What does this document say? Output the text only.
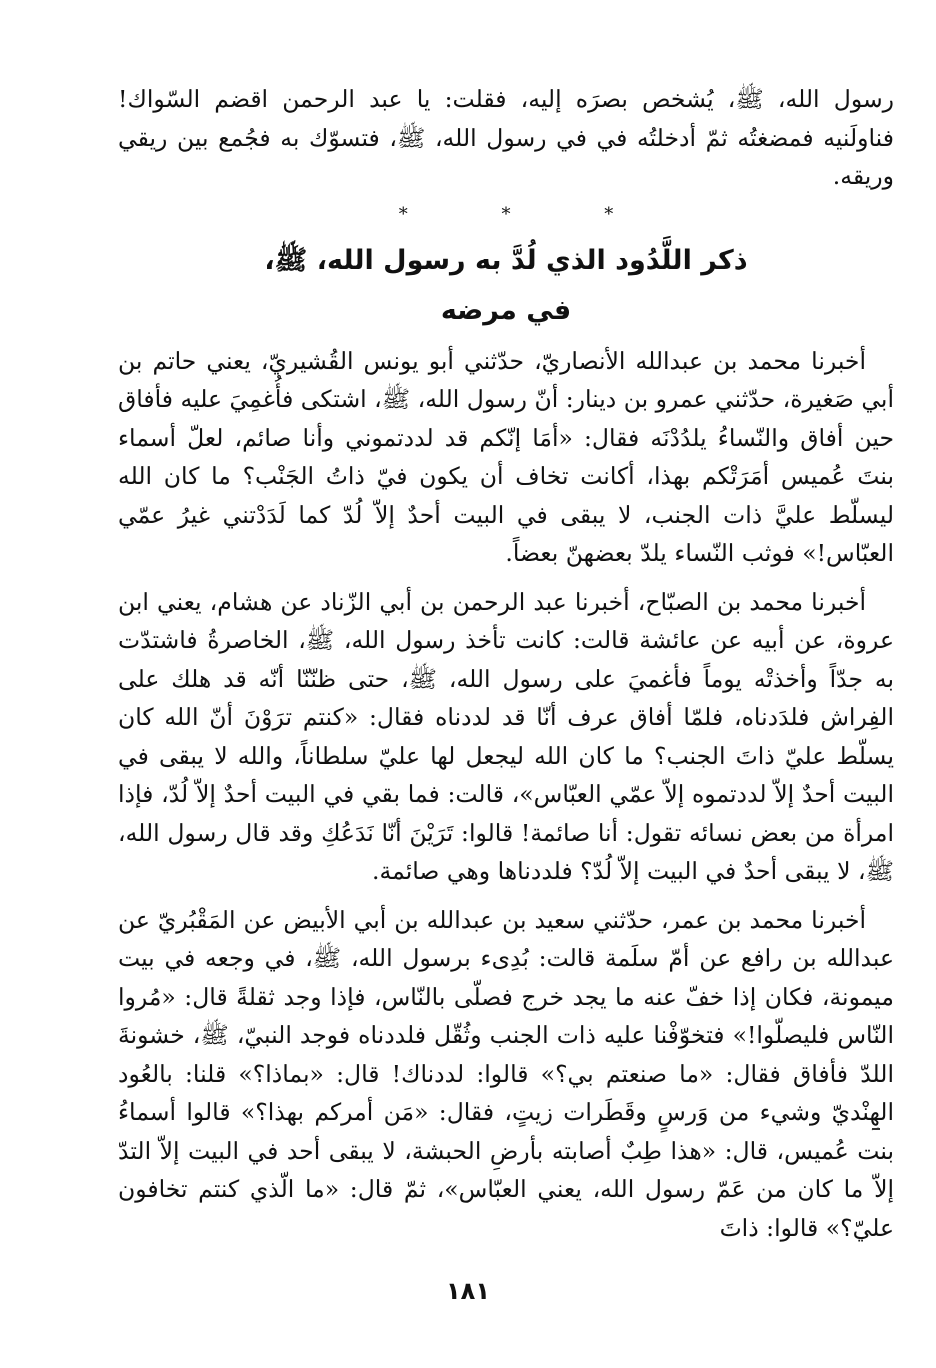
رسول الله، ﷺ، يُشخص بصرَه إليه، فقلت: يا عبد الرحمن اقضم السّواك! فناولَنيه فمضغتُه ثمّ أدخلتُه في في رسول الله، ﷺ، فتسوّك به فجُمع بين ريقي وريقه.

* * *
ذكر اللَّدُود الذي لُدَّ به رسول الله، ﷺ،
في مرضه

أخبرنا محمد بن عبدالله الأنصاريّ، حدّثني أبو يونس القُشيريّ، يعني حاتم بن أبي صَغيرة، حدّثني عمرو بن دينار: أنّ رسول الله، ﷺ، اشتكى فأُغمِيَ عليه فأفاق حين أفاق والنّساءُ يلدُدْنَه فقال: «أمَا إنّكم قد لددتموني وأنا صائم، لعلّ أسماء بنتَ عُميس أمَرَتْكم بهذا، أكانت تخاف أن يكون فيّ ذاتُ الجَنْب؟ ما كان الله ليسلّط عليَّ ذات الجنب، لا يبقى في البيت أحدٌ إلاّ لُدّ كما لَدَدْتني غيرُ عمّي العبّاس!» فوثب النّساء يلدّ بعضهنّ بعضاً.

أخبرنا محمد بن الصبّاح، أخبرنا عبد الرحمن بن أبي الزّناد عن هشام، يعني ابن عروة، عن أبيه عن عائشة قالت: كانت تأخذ رسول الله، ﷺ، الخاصرةُ فاشتدّت به جدّاً وأخذتْه يوماً فأغميَ على رسول الله، ﷺ، حتى ظنّنّا أنّه قد هلك على الفِراش فلدَدناه، فلمّا أفاق عرف أنّا قد لددناه فقال: «كنتم ترَوْنَ أنّ الله كان يسلّط عليّ ذاتَ الجنب؟ ما كان الله ليجعل لها عليّ سلطاناً، والله لا يبقى في البيت أحدٌ إلاّ لددتموه إلاّ عمّي العبّاس»، قالت: فما بقي في البيت أحدٌ إلاّ لُدّ، فإذا امرأة من بعض نسائه تقول: أنا صائمة! قالوا: تَرَيْنَ أنّا نَدَعُكِ وقد قال رسول الله، ﷺ، لا يبقى أحدٌ في البيت إلاّ لُدّ؟ فلددناها وهي صائمة.

أخبرنا محمد بن عمر، حدّثني سعيد بن عبدالله بن أبي الأبيض عن المَقْبُريّ عن عبدالله بن رافع عن أمّ سلَمة قالت: بُدِىء برسول الله، ﷺ، في وجعه في بيت ميمونة، فكان إذا خفّ عنه ما يجد خرج فصلّى بالنّاس، فإذا وجد ثقلةً قال: «مُروا النّاس فليصلّوا!» فتخوّفْنا عليه ذات الجنب وثُقّل فلددناه فوجد النبيّ، ﷺ، خشونةَ اللدّ فأفاق فقال: «ما صنعتم بي؟» قالوا: لددناك! قال: «بماذا؟» قلنا: بالعُود الهِنْديّ وشيء من وَرسٍ وقَطَرات زيتٍ، فقال: «مَن أمركم بهذا؟» قالوا أسماءُ بنت عُميس، قال: «هذا طِبٌ أصابته بأرضِ الحبشة، لا يبقى أحد في البيت إلاّ التدّ إلاّ ما كان من عَمّ رسول الله، يعني العبّاس»، ثمّ قال: «ما الّذي كنتم تخافون عليّ؟» قالوا: ذاتَ

١٨١
